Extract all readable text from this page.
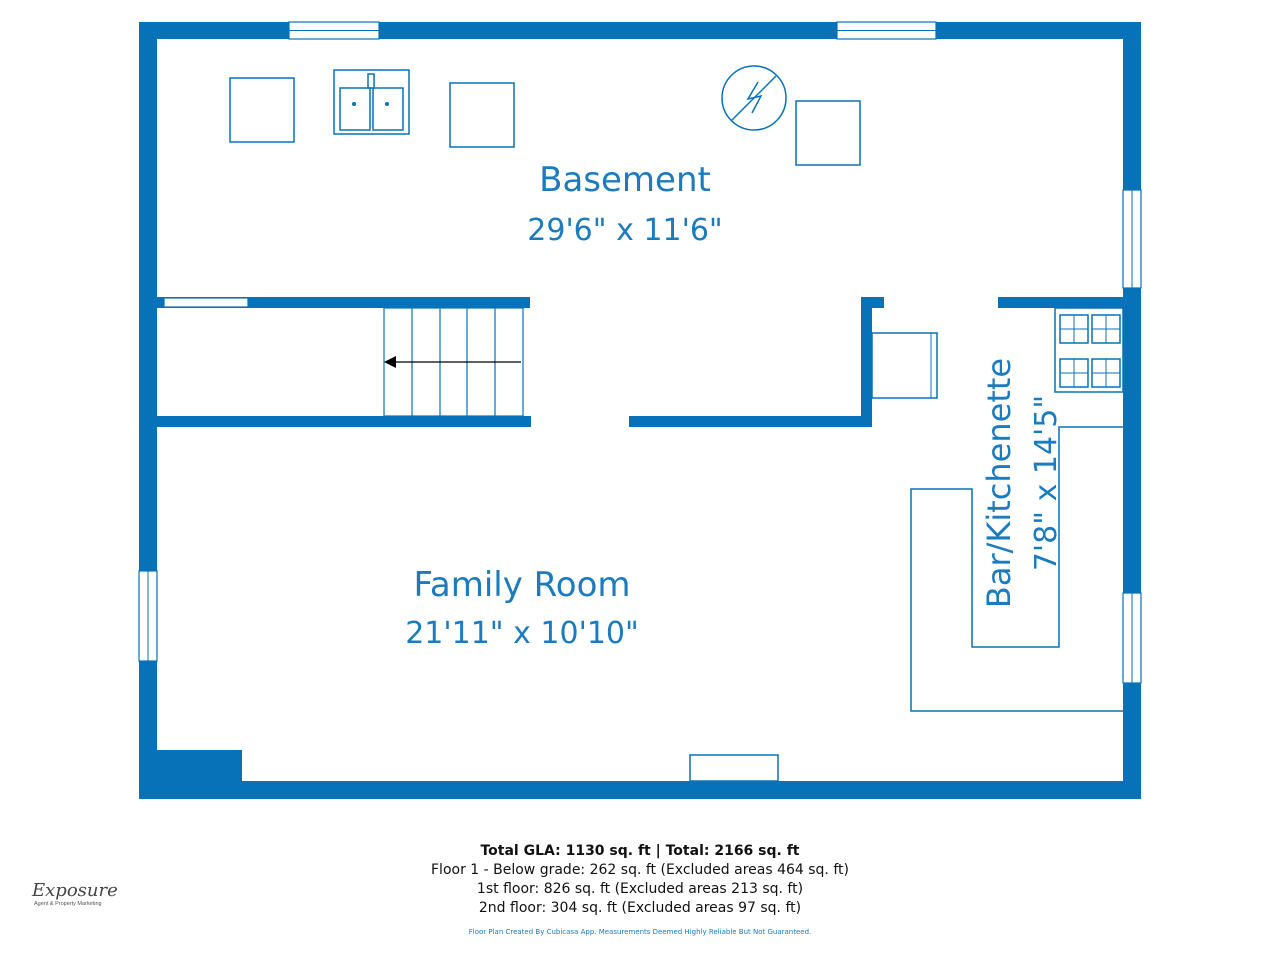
Basement
29'6" x 11'6"
Family Room
21'11" x 10'10"
Bar/Kitchenette 7'8" x 14'5"
Total GLA: 1130 sq. ft | Total: 2166 sq. ft
Floor 1 - Below grade: 262 sq. ft (Excluded areas 464 sq. ft)
1st floor: 826 sq. ft (Excluded areas 213 sq. ft)
2nd floor: 304 sq. ft (Excluded areas 97 sq. ft)
Floor Plan Created By Cubicasa App. Measurements Deemed Highly Reliable But Not Guaranteed.
Exposure
Agent & Property Marketing
